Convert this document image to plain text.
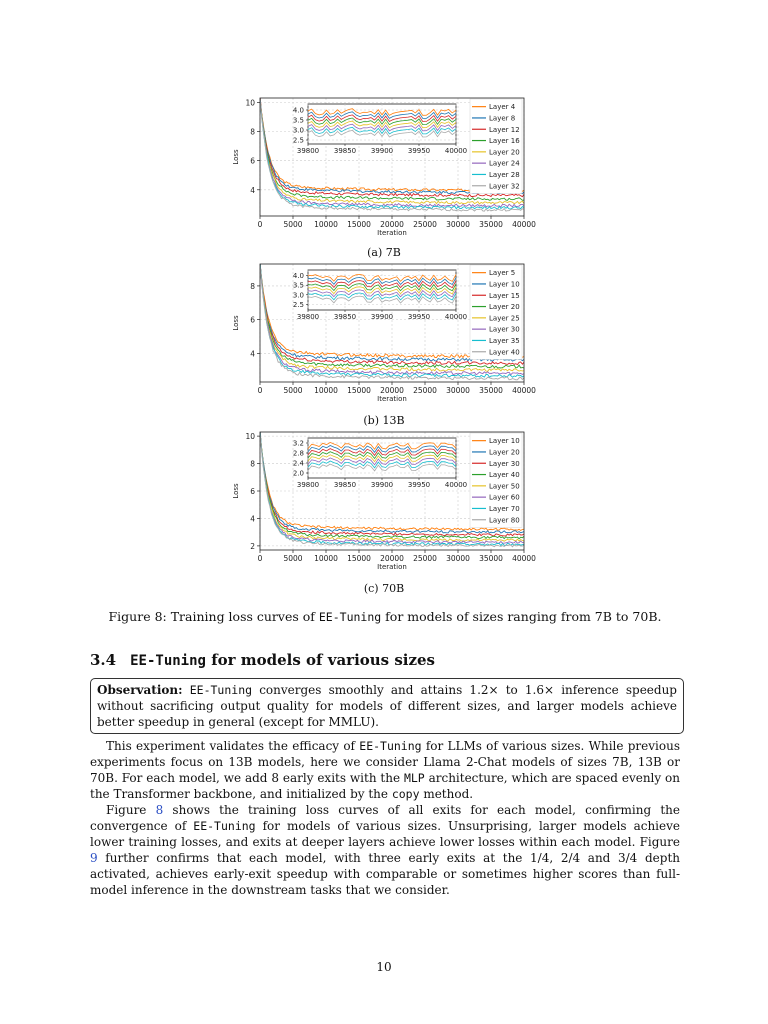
0	5000 10000 15000 20000 25000 30000 35000 40000
4
6
8
10
Iteration
Loss	39800 39850 39900 39950 40000
2.5
3.0
3.5
4.0	Layer 4
Layer 8
Layer 12
Layer 16
Layer 20
Layer 24
Layer 28
Layer 32
(a) 7B
0	5000 10000 15000 20000 25000 30000 35000 40000
4
6
8
Iteration
Loss	39800 39850 39900 39950 40000
2.5
3.0
3.5
4.0	Layer 5
Layer 10
Layer 15
Layer 20
Layer 25
Layer 30
Layer 35
Layer 40
(b) 13B
0	5000 10000 15000 20000 25000 30000 35000 40000
2
4
6
8
10
Iteration
Loss	39800 39850 39900 39950 40000
2.0
2.4
2.8
3.2	Layer 10
Layer 20
Layer 30
Layer 40
Layer 50
Layer 60
Layer 70
Layer 80
(c) 70B
Figure 8: Training loss curves of EE-Tuning for models of sizes ranging from 7B to 70B.
3.4 EE-Tuning for models of various sizes
Observation: EE-Tuning converges smoothly and attains 1.2× to 1.6× inference speedup without sacrificing output quality for models of different sizes, and larger models achieve better speedup in general (except for MMLU).

This experiment validates the efficacy of EE-Tuning for LLMs of various sizes. While previous experiments focus on 13B models, here we consider Llama 2-Chat models of sizes 7B, 13B or 70B. For each model, we add 8 early exits with the MLP architecture, which are spaced evenly on the Transformer backbone, and initialized by the copy method.

Figure 8 shows the training loss curves of all exits for each model, confirming the convergence of EE-Tuning for models of various sizes. Unsurprising, larger models achieve lower training losses, and exits at deeper layers achieve lower losses within each model. Figure 9 further confirms that each model, with three early exits at the 1/4, 2/4 and 3/4 depth activated, achieves early-exit speedup with comparable or sometimes higher scores than full-model inference in the downstream tasks that we consider.

10
